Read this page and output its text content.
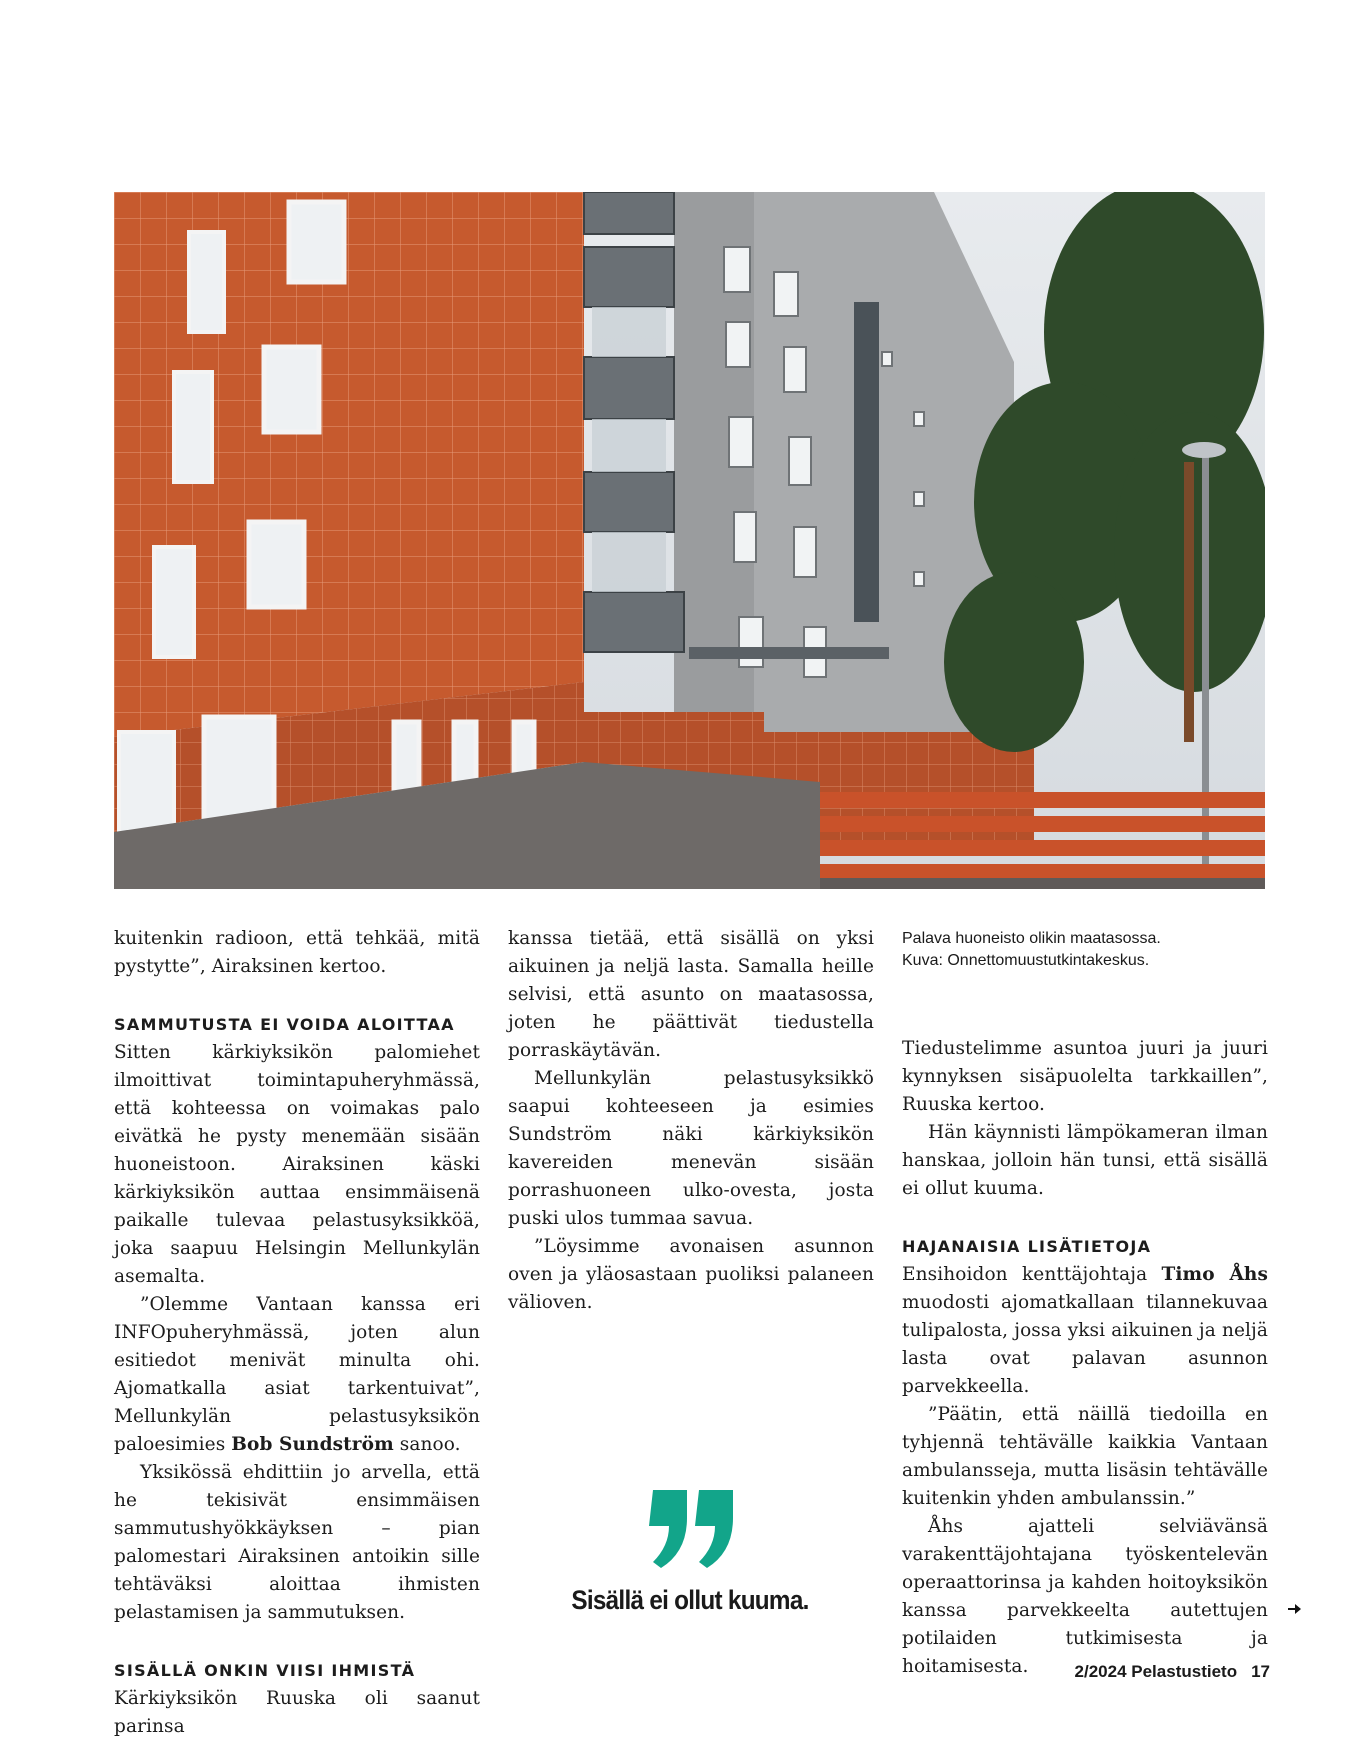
Palava huoneisto olikin maatasossa.
Kuva: Onnettomuustutkintakeskus.

kuitenkin radioon, että tehkää, mitä pystytte”, Airaksinen kertoo.

SAMMUTUSTA EI VOIDA ALOITTAA

Sitten kärkiyksikön palomiehet ilmoittivat toimintapuheryhmässä, että kohteessa on voimakas palo eivätkä he pysty menemään sisään huoneistoon. Airaksinen käski kärkiyksikön auttaa ensimmäisenä paikalle tulevaa pelastusyksikköä, joka saapuu Helsingin Mellunkylän asemalta.

”Olemme Vantaan kanssa eri INFOpuheryhmässä, joten alun esitiedot menivät minulta ohi. Ajomatkalla asiat tarkentuivat”, Mellunkylän pelastusyksikön paloesimies Bob Sundström sanoo.

Yksikössä ehdittiin jo arvella, että he tekisivät ensimmäisen sammutushyökkäyksen – pian palomestari Airaksinen antoikin sille tehtäväksi aloittaa ihmisten pelastamisen ja sammutuksen.

SISÄLLÄ ONKIN VIISI IHMISTÄ

Kärkiyksikön Ruuska oli saanut parinsa

kanssa tietää, että sisällä on yksi aikuinen ja neljä lasta. Samalla heille selvisi, että asunto on maatasossa, joten he päättivät tiedustella porraskäytävän.

Mellunkylän pelastusyksikkö saapui kohteeseen ja esimies Sundström näki kärkiyksikön kavereiden menevän sisään porrashuoneen ulko-ovesta, josta puski ulos tummaa savua.

”Löysimme avonaisen asunnon oven ja yläosastaan puoliksi palaneen välioven.

Tiedustelimme asuntoa juuri ja juuri kynnyksen sisäpuolelta tarkkaillen”, Ruuska kertoo.

Hän käynnisti lämpökameran ilman hanskaa, jolloin hän tunsi, että sisällä ei ollut kuuma.

HAJANAISIA LISÄTIETOJA

Ensihoidon kenttäjohtaja Timo Åhs muodosti ajomatkallaan tilannekuvaa tulipalosta, jossa yksi aikuinen ja neljä lasta ovat palavan asunnon parvekkeella.

”Päätin, että näillä tiedoilla en tyhjennä tehtävälle kaikkia Vantaan ambulansseja, mutta lisäsin tehtävälle kuitenkin yhden ambulanssin.”

Åhs ajatteli selviävänsä varakenttäjohtajana työskentelevän operaattorinsa ja kahden hoitoyksikön kanssa parvekkeelta autettujen potilaiden tutkimisesta ja hoitamisesta.

Sisällä ei ollut kuuma.
2/2024 Pelastustieto 17
